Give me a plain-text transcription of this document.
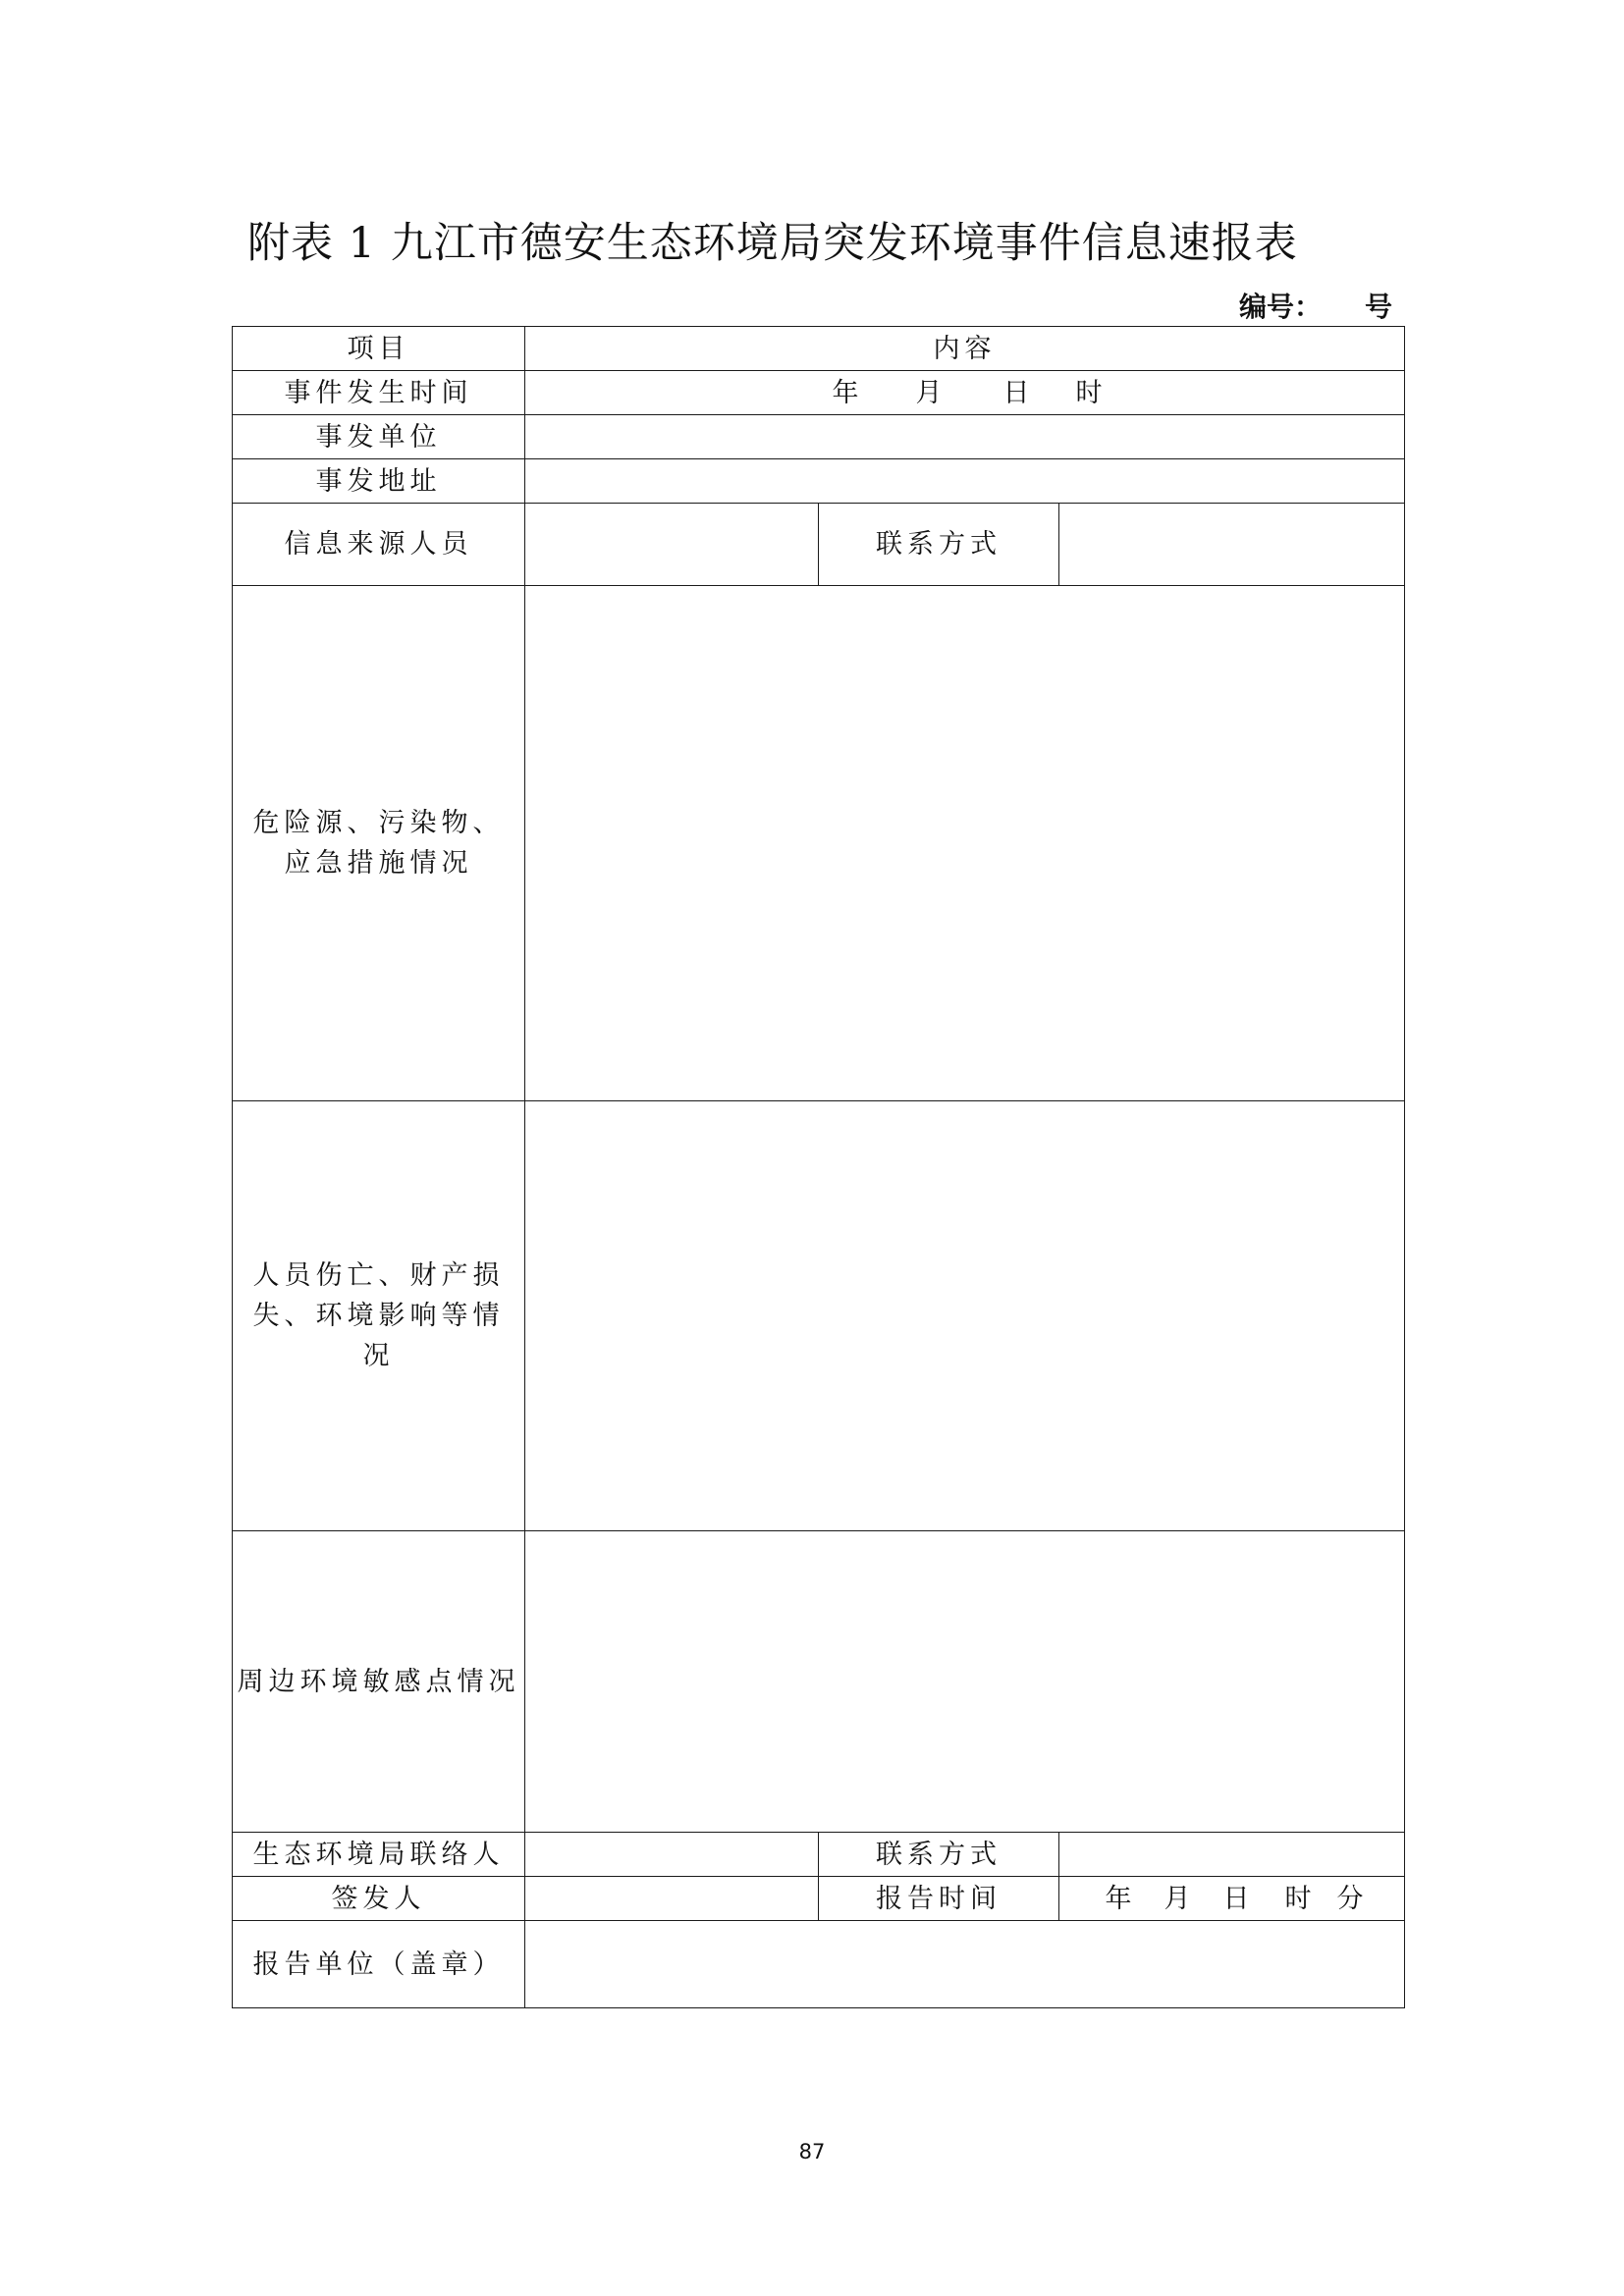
附表 1 九江市德安生态环境局突发环境事件信息速报表
编号： 号
项目	内容		
事件发生时间	年 月 日 时		
事发单位			
事发地址			
信息来源人员		联系方式	
危险源、污染物、应急措施情况			
人员伤亡、财产损失、环境影响等情况			
周边环境敏感点情况			
生态环境局联络人		联系方式	
签发人		报告时间	年 月 日 时 分
报告单位（盖章）			
87
